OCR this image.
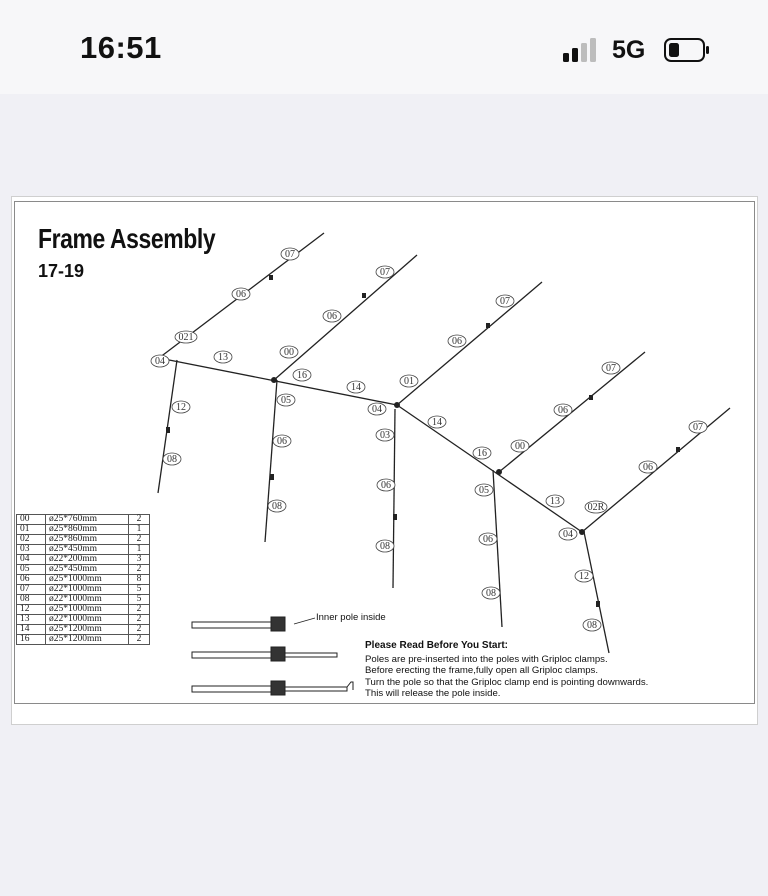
16:51	5G
Frame Assembly
17-19
07
06
021
04	13	00
16
14
01
07
06
07
06
07
06
07
06
12
05
08
04
03
06
14
16
00
05
13
02R
04
12
08
06
08
08
06
08
00	ø25*760mm	2
01	ø25*860mm	1
02	ø25*860mm	2
03	ø25*450mm	1
04	ø22*200mm	3
05	ø25*450mm	2
06	ø25*1000mm	8
07	ø22*1000mm	5
08	ø22*1000mm	5
12	ø25*1000mm	2
13	ø22*1000mm	2
14	ø25*1200mm	2
16	ø25*1200mm	2
Inner pole inside
Please Read Before You Start:
Poles are pre-inserted into the poles with Griploc clamps.
Before erecting the frame,fully open all Griploc clamps.
Turn the pole so that the Griploc clamp end is pointing downwards.
This will release the pole inside.
